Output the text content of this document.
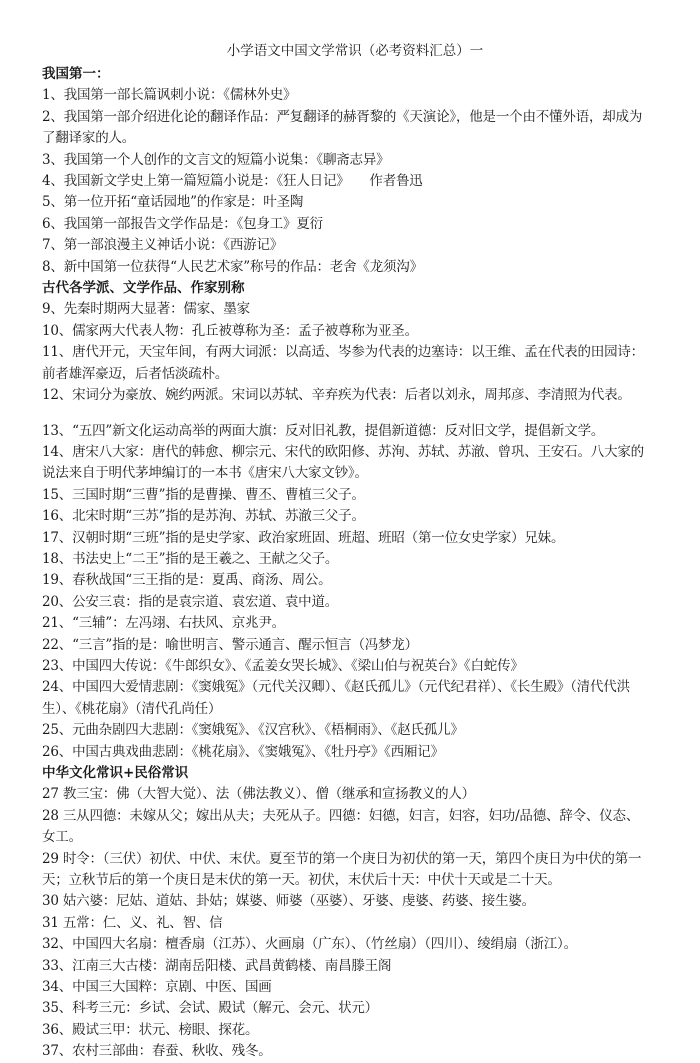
小学语文中国文学常识（必考资料汇总）一
我国第一：
1、我国第一部长篇讽刺小说：《儒林外史》
2、我国第一部介绍进化论的翻译作品：严复翻译的赫胥黎的《天演论》，他是一个由不懂外语，却成为了翻译家的人。
3、我国第一个人创作的文言文的短篇小说集：《聊斋志异》
4、我国新文学史上第一篇短篇小说是：《狂人日记》　　作者鲁迅
5、第一位开拓“童话园地”的作家是：叶圣陶
6、我国第一部报告文学作品是：《包身工》夏衍
7、第一部浪漫主义神话小说：《西游记》
8、新中国第一位获得“人民艺术家”称号的作品：老舍《龙须沟》
古代各学派、文学作品、作家别称
9、先秦时期两大显著：儒家、墨家
10、儒家两大代表人物：孔丘被尊称为圣：孟子被尊称为亚圣。
11、唐代开元，天宝年间，有两大词派：以高适、岑参为代表的边塞诗：以王维、孟在代表的田园诗：前者雄浑豪迈，后者恬淡疏朴。
12、宋词分为豪放、婉约两派。宋词以苏轼、辛弃疾为代表：后者以刘永，周邦彦、李清照为代表。
13、“五四”新文化运动高举的两面大旗：反对旧礼教，提倡新道德：反对旧文学，提倡新文学。
14、唐宋八大家：唐代的韩愈、柳宗元、宋代的欧阳修、苏洵、苏轼、苏澈、曾巩、王安石。八大家的说法来自于明代茅坤编订的一本书《唐宋八大家文钞》。
15、三国时期“三曹”指的是曹操、曹丕、曹植三父子。
16、北宋时期“三苏”指的是苏洵、苏轼、苏澈三父子。
17、汉朝时期“三班”指的是史学家、政治家班固、班超、班昭（第一位女史学家）兄妹。
18、书法史上“二王”指的是王羲之、王献之父子。
19、春秋战国“三王指的是：夏禹、商汤、周公。
20、公安三袁：指的是袁宗道、袁宏道、袁中道。
21、“三辅”：左冯翊、右扶风、京兆尹。
22、“三言”指的是：喻世明言、警示通言、醒示恒言（冯梦龙）
23、中国四大传说：《牛郎织女》、《孟姜女哭长城》、《梁山伯与祝英台》《白蛇传》
24、中国四大爱情悲剧：《窦娥冤》（元代关汉卿）、《赵氏孤儿》（元代纪君祥）、《长生殿》（清代代洪生）、《桃花扇》（清代孔尚任）
25、元曲杂剧四大悲剧：《窦娥冤》、《汉宫秋》、《梧桐雨》、《赵氏孤儿》
26、中国古典戏曲悲剧：《桃花扇》、《窦娥冤》、《牡丹亭》《西厢记》
中华文化常识+民俗常识
27 教三宝：佛（大智大觉）、法（佛法教义）、僧（继承和宣扬教义的人）
28 三从四德：未嫁从父；嫁出从夫；夫死从子。四德：妇德，妇言，妇容，妇功/品德、辞令、仪态、女工。
29 时令：（三伏）初伏、中伏、末伏。夏至节的第一个庚日为初伏的第一天，第四个庚日为中伏的第一天；立秋节后的第一个庚日是末伏的第一天。初伏，末伏后十天：中伏十天或是二十天。
30 姑六婆：尼姑、道姑、卦姑；媒婆、师婆（巫婆）、牙婆、虔婆、药婆、接生婆。
31 五常：仁、义、礼、智、信
32、中国四大名扇：檀香扇（江苏）、火画扇（广东）、（竹丝扇）（四川）、绫绢扇（浙江）。
33、江南三大古楼：湖南岳阳楼、武昌黄鹤楼、南昌滕王阁
34、中国三大国粹：京剧、中医、国画
35、科考三元：乡试、会试、殿试（解元、会元、状元）
36、殿试三甲：状元、榜眼、探花。
37、农村三部曲：春蚕、秋收、残冬。
